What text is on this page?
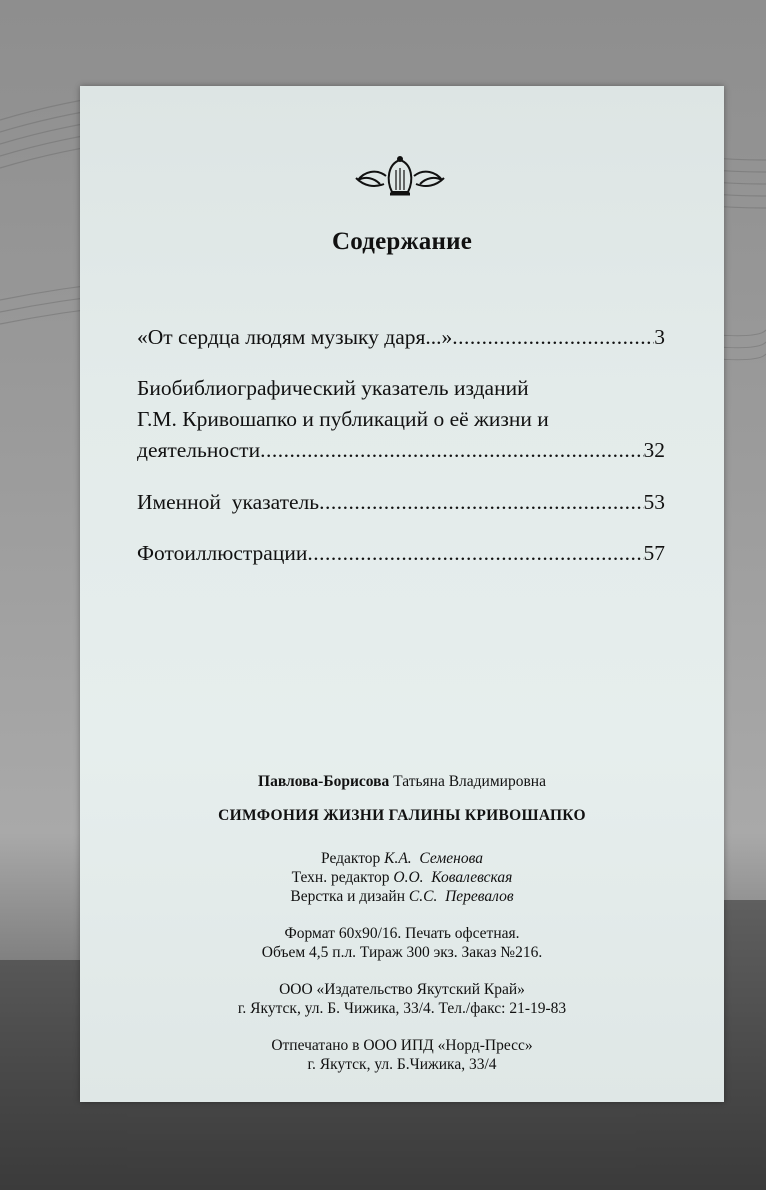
Содержание
«От сердца людям музыку даря...» .....	3
Биобиблиографический указатель изданий
Г.М. Кривошапко и публикаций о её жизни и
деятельности .....	32
Именной  указатель .....	53
Фотоиллюстрации .....	57
Павлова-Борисова Татьяна Владимировна
СИМФОНИЯ ЖИЗНИ ГАЛИНЫ КРИВОШАПКО
Редактор К.А.  Семенова
Техн. редактор О.О.  Ковалевская
Верстка и дизайн С.С.  Перевалов
Формат 60х90/16. Печать офсетная.
Объем 4,5 п.л. Тираж 300 экз. Заказ №216.
ООО «Издательство Якутский Край»
г. Якутск, ул. Б. Чижика, 33/4. Тел./факс: 21-19-83
Отпечатано в ООО ИПД «Норд-Пресс»
г. Якутск, ул. Б.Чижика, 33/4
